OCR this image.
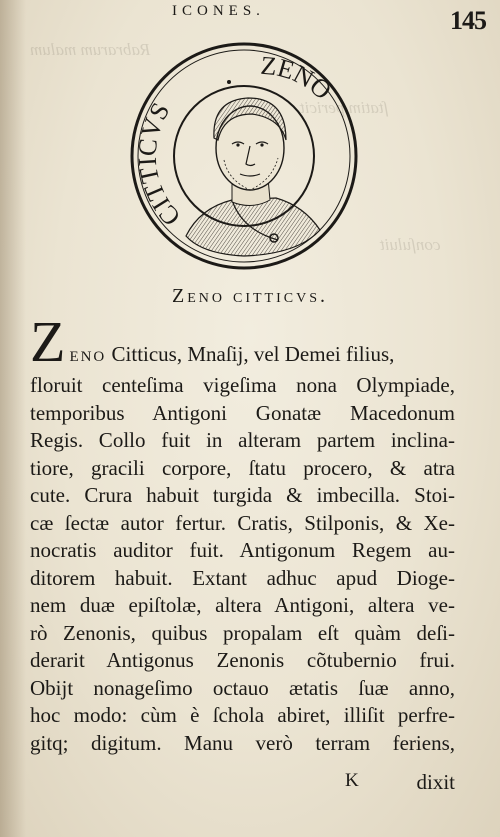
Rabrarum malum
ſtatim pericit
conſuluit
ICONES.	145
CITTICVS
ZENO
Zeno citticvs.
Zeno Citticus, Mnaſij, vel Demei filius,
floruit centeſima vigeſima nona Olympiade,
temporibus Antigoni Gonatæ Macedonum
Regis. Collo fuit in alteram partem inclina-
tiore, gracili corpore, ſtatu procero, & atra
cute. Crura habuit turgida & imbecilla. Stoi-
cæ ſectæ autor fertur. Cratis, Stilponis, & Xe-
nocratis auditor fuit. Antigonum Regem au-
ditorem habuit. Extant adhuc apud Dioge-
nem duæ epiſtolæ, altera Antigoni, altera ve-
rò Zenonis, quibus propalam eſt quàm deſi-
derarit Antigonus Zenonis cõtubernio frui.
Obijt nonageſimo octauo ætatis ſuæ anno,
hoc modo: cùm è ſchola abiret, illiſit perfre-
gitq; digitum. Manu verò terram feriens,
K	dixit
